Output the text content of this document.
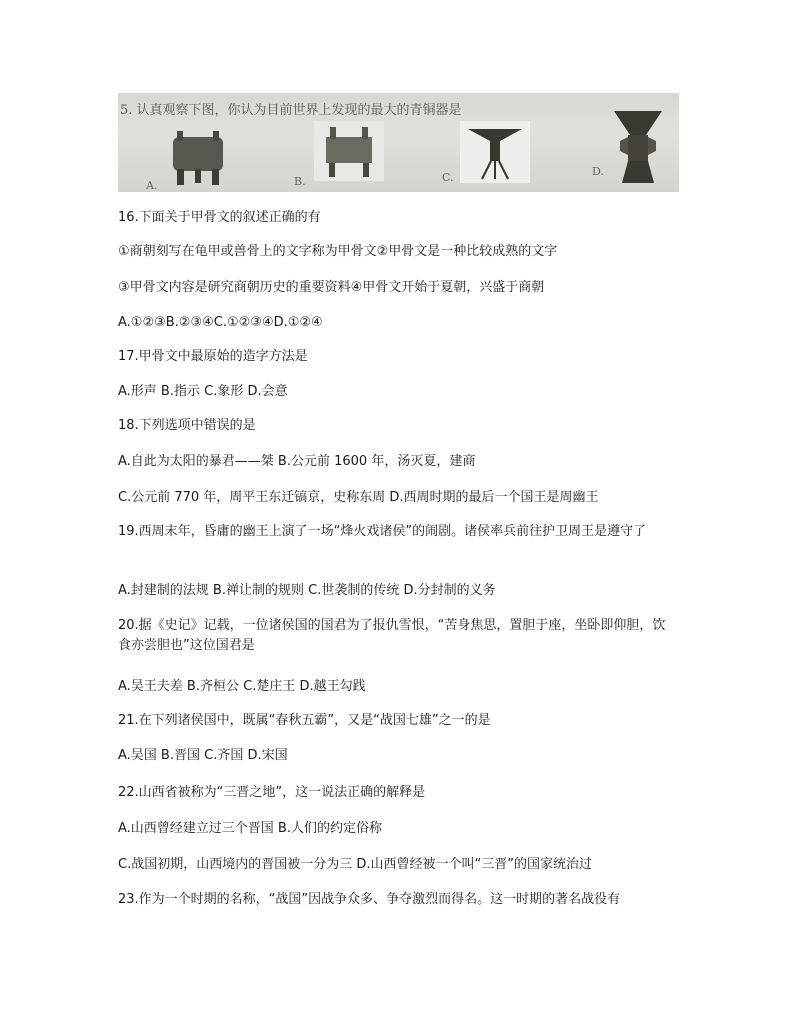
5. 认真观察下图，你认为目前世界上发现的最大的青铜器是
A.	B.	C.	D.
16.下面关于甲骨文的叙述正确的有
①商朝刻写在龟甲或兽骨上的文字称为甲骨文②甲骨文是一种比较成熟的文字
③甲骨文内容是研究商朝历史的重要资料④甲骨文开始于夏朝，兴盛于商朝
A.①②③B.②③④C.①②③④D.①②④
17.甲骨文中最原始的造字方法是
A.形声 B.指示 C.象形 D.会意
18.下列选项中错误的是
A.自此为太阳的暴君——桀 B.公元前 1600 年，汤灭夏，建商
C.公元前 770 年，周平王东迁镐京，史称东周 D.西周时期的最后一个国王是周幽王
19.西周末年，昏庸的幽王上演了一场“烽火戏诸侯”的闹剧。诸侯率兵前往护卫周王是遵守了
A.封建制的法规 B.禅让制的规则 C.世袭制的传统 D.分封制的义务
20.据《史记》记载，一位诸侯国的国君为了报仇雪恨，“苦身焦思，置胆于座，坐卧即仰胆，饮食亦尝胆也”这位国君是
A.吴王夫差 B.齐桓公 C.楚庄王 D.越王勾践
21.在下列诸侯国中，既属“春秋五霸”，又是“战国七雄”之一的是
A.吴国 B.晋国 C.齐国 D.宋国
22.山西省被称为“三晋之地”，这一说法正确的解释是
A.山西曾经建立过三个晋国 B.人们的约定俗称
C.战国初期，山西境内的晋国被一分为三 D.山西曾经被一个叫“三晋”的国家统治过
23.作为一个时期的名称，“战国”因战争众多、争夺激烈而得名。这一时期的著名战役有
